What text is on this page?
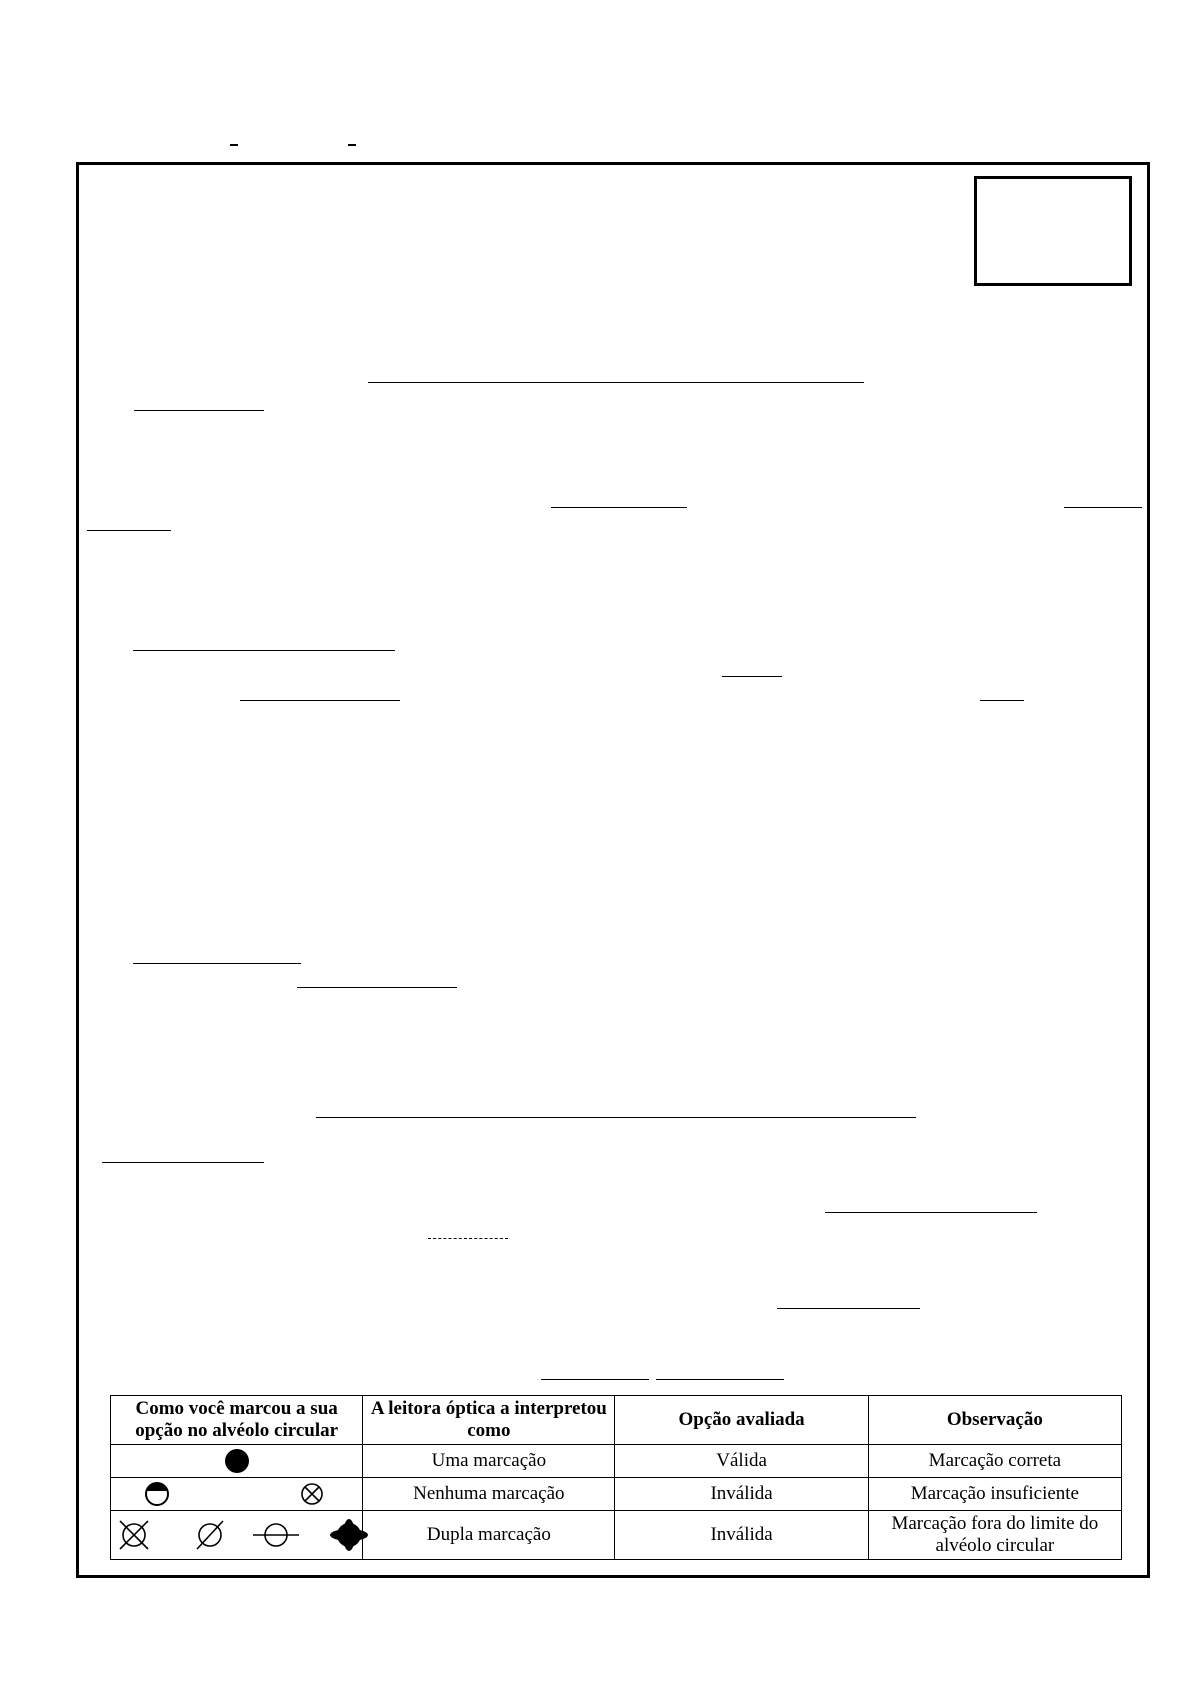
Como você marcou a sua opção no alvéolo circular	A leitora óptica a interpretou como	Opção avaliada	Observação

	Uma marcação	Válida	Marcação correta

	Nenhuma marcação	Inválida	Marcação insuficiente

	Dupla marcação	Inválida	Marcação fora do limite do alvéolo circular
